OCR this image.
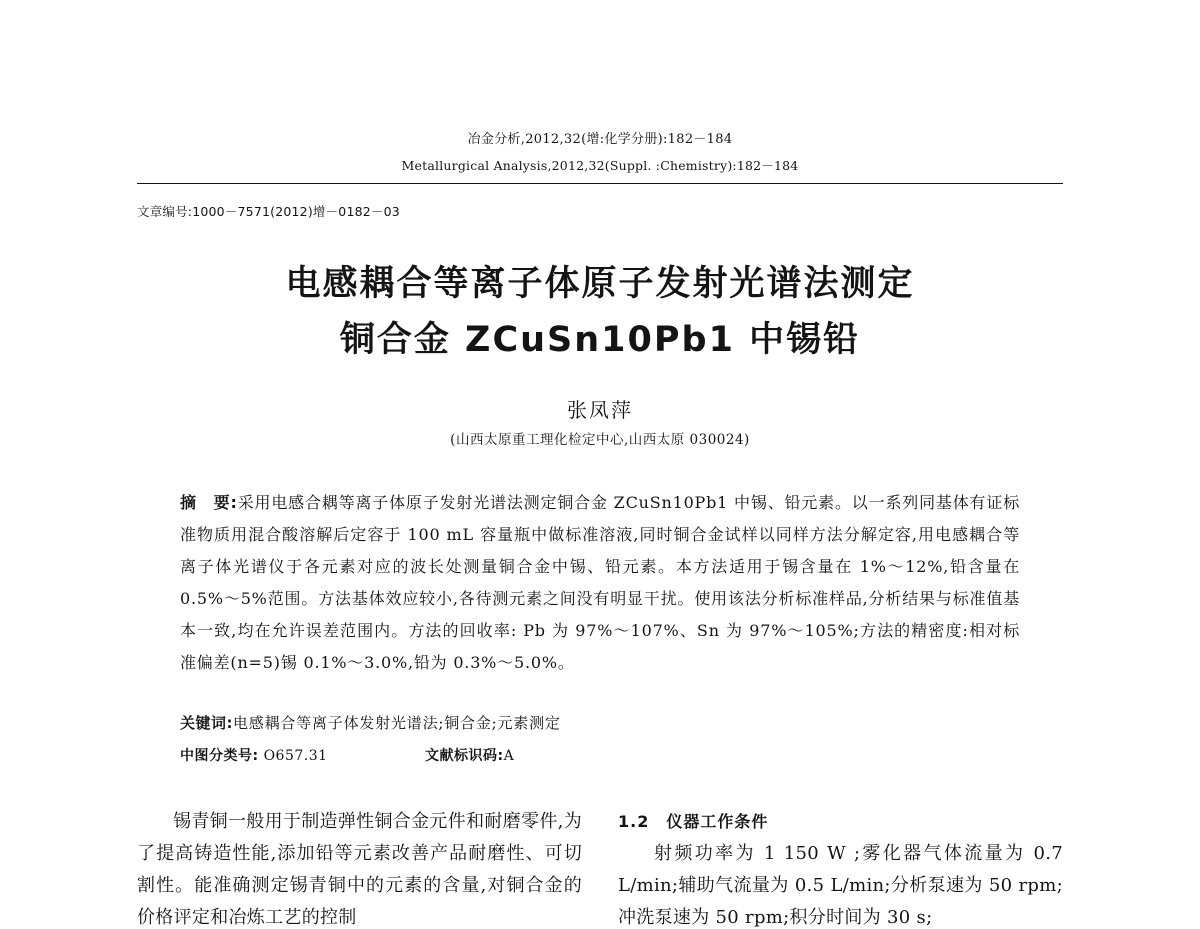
冶金分析,2012,32(增:化学分册):182－184
Metallurgical Analysis,2012,32(Suppl. :Chemistry):182－184
文章编号:1000－7571(2012)增－0182－03
电感耦合等离子体原子发射光谱法测定
铜合金 ZCuSn10Pb1 中锡铅
张凤萍
(山西太原重工理化检定中心,山西太原 030024)
摘　要:采用电感合耦等离子体原子发射光谱法测定铜合金 ZCuSn10Pb1 中锡、铅元素。以一系列同基体有证标准物质用混合酸溶解后定容于 100 mL 容量瓶中做标准溶液,同时铜合金试样以同样方法分解定容,用电感耦合等离子体光谱仪于各元素对应的波长处测量铜合金中锡、铅元素。本方法适用于锡含量在 1%～12%,铅含量在 0.5%～5%范围。方法基体效应较小,各待测元素之间没有明显干扰。使用该法分析标准样品,分析结果与标准值基本一致,均在允许误差范围内。方法的回收率: Pb 为 97%～107%、Sn 为 97%～105%;方法的精密度:相对标准偏差(n=5)锡 0.1%～3.0%,铅为 0.3%～5.0%。
关键词:电感耦合等离子体发射光谱法;铜合金;元素测定
中图分类号: O657.31	文献标识码:A

锡青铜一般用于制造弹性铜合金元件和耐磨零件,为了提高铸造性能,添加铅等元素改善产品耐磨性、可切割性。能准确测定锡青铜中的元素的含量,对铜合金的价格评定和冶炼工艺的控制

1.2　仪器工作条件

射频功率为 1 150 W ;雾化器气体流量为 0.7 L/min;辅助气流量为 0.5 L/min;分析泵速为 50 rpm;冲洗泵速为 50 rpm;积分时间为 30 s;
